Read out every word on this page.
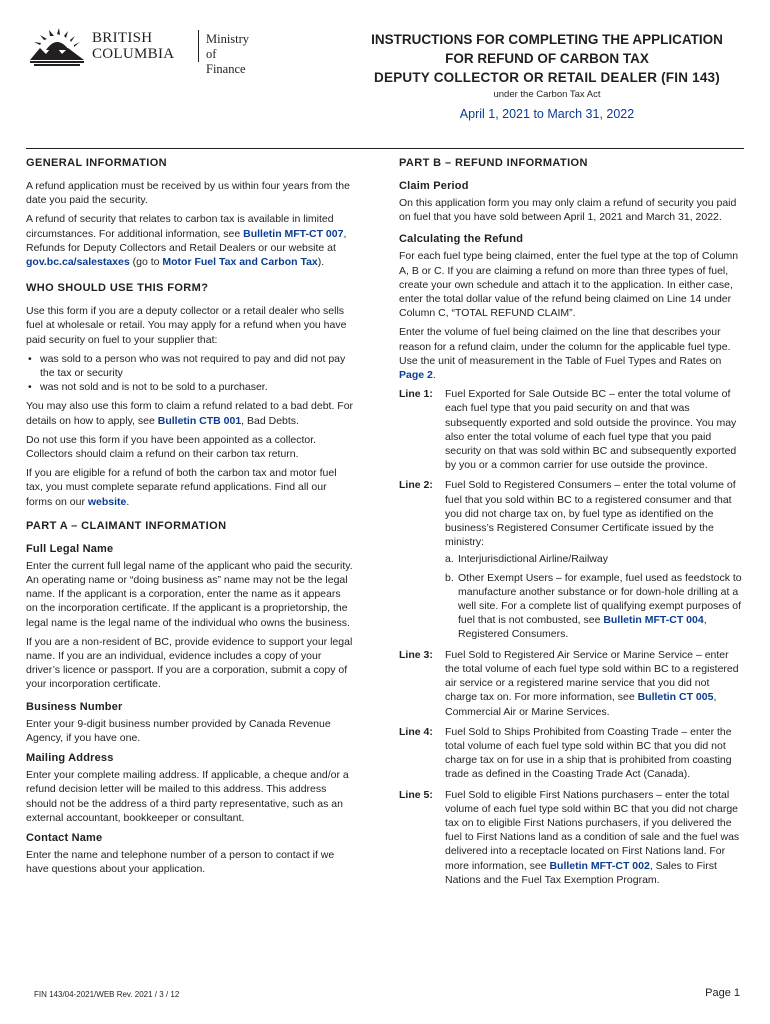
BRITISH
COLUMBIA
Ministry of
Finance
INSTRUCTIONS FOR COMPLETING THE APPLICATION
FOR REFUND OF CARBON TAX
DEPUTY COLLECTOR OR RETAIL DEALER (FIN 143)
under the Carbon Tax Act
April 1, 2021 to March 31, 2022
GENERAL INFORMATION

A refund application must be received by us within four years from the date you paid the security.

A refund of security that relates to carbon tax is available in limited circumstances. For additional information, see Bulletin MFT-CT 007, Refunds for Deputy Collectors and Retail Dealers or our website at gov.bc.ca/salestaxes (go to Motor Fuel Tax and Carbon Tax).

WHO SHOULD USE THIS FORM?

Use this form if you are a deputy collector or a retail dealer who sells fuel at wholesale or retail. You may apply for a refund when you have paid security on fuel to your supplier that:

• was sold to a person who was not required to pay and did not pay the tax or security
• was not sold and is not to be sold to a purchaser.

You may also use this form to claim a refund related to a bad debt. For details on how to apply, see Bulletin CTB 001, Bad Debts.

Do not use this form if you have been appointed as a collector. Collectors should claim a refund on their carbon tax return.

If you are eligible for a refund of both the carbon tax and motor fuel tax, you must complete separate refund applications. Find all our forms on our website.

PART A – CLAIMANT INFORMATION
Full Legal Name

Enter the current full legal name of the applicant who paid the security. An operating name or “doing business as” name may not be the legal name. If the applicant is a corporation, enter the name as it appears on the incorporation certificate. If the applicant is a proprietorship, the legal name is the legal name of the individual who owns the business.

If you are a non-resident of BC, provide evidence to support your legal name. If you are an individual, evidence includes a copy of your driver’s licence or passport. If you are a corporation, submit a copy of your incorporation certificate.

Business Number

Enter your 9-digit business number provided by Canada Revenue Agency, if you have one.

Mailing Address

Enter your complete mailing address. If applicable, a cheque and/or a refund decision letter will be mailed to this address. This address should not be the address of a third party representative, such as an external accountant, bookkeeper or consultant.

Contact Name

Enter the name and telephone number of a person to contact if we have questions about your application.

PART B – REFUND INFORMATION
Claim Period

On this application form you may only claim a refund of security you paid on fuel that you have sold between April 1, 2021 and March 31, 2022.

Calculating the Refund

For each fuel type being claimed, enter the fuel type at the top of Column A, B or C. If you are claiming a refund on more than three types of fuel, create your own schedule and attach it to the application. In either case, enter the total dollar value of the refund being claimed on Line 14 under Column C, “TOTAL REFUND CLAIM”.

Enter the volume of fuel being claimed on the line that describes your reason for a refund claim, under the column for the applicable fuel type. Use the unit of measurement in the Table of Fuel Types and Rates on Page 2.

Line 1:	Fuel Exported for Sale Outside BC – enter the total volume of each fuel type that you paid security on and that was subsequently exported and sold outside the province. You may also enter the total volume of each fuel type that you paid security on that was sold within BC and subsequently exported by you or a common carrier for use outside the province.
Line 2:	Fuel Sold to Registered Consumers – enter the total volume of fuel that you sold within BC to a registered consumer and that you did not charge tax on, by fuel type as identified on the business’s Registered Consumer Certificate issued by the ministry:
a. Interjurisdictional Airline/Railway
b. Other Exempt Users – for example, fuel used as feedstock to manufacture another substance or for down-hole drilling at a well site. For a complete list of qualifying exempt purposes of fuel that is not combusted, see Bulletin MFT-CT 004, Registered Consumers.
Line 3:	Fuel Sold to Registered Air Service or Marine Service – enter the total volume of each fuel type sold within BC to a registered air service or a registered marine service that you did not charge tax on. For more information, see Bulletin CT 005, Commercial Air or Marine Services.
Line 4:	Fuel Sold to Ships Prohibited from Coasting Trade – enter the total volume of each fuel type sold within BC that you did not charge tax on for use in a ship that is prohibited from coasting trade as defined in the Coasting Trade Act (Canada).
Line 5:	Fuel Sold to eligible First Nations purchasers – enter the total volume of each fuel type sold within BC that you did not charge tax on to eligible First Nations purchasers, if you delivered the fuel to First Nations land as a condition of sale and the fuel was delivered into a receptacle located on First Nations land. For more information, see Bulletin MFT-CT 002, Sales to First Nations and the Fuel Tax Exemption Program.
FIN 143/04-2021/WEB Rev. 2021 / 3 / 12	Page 1
